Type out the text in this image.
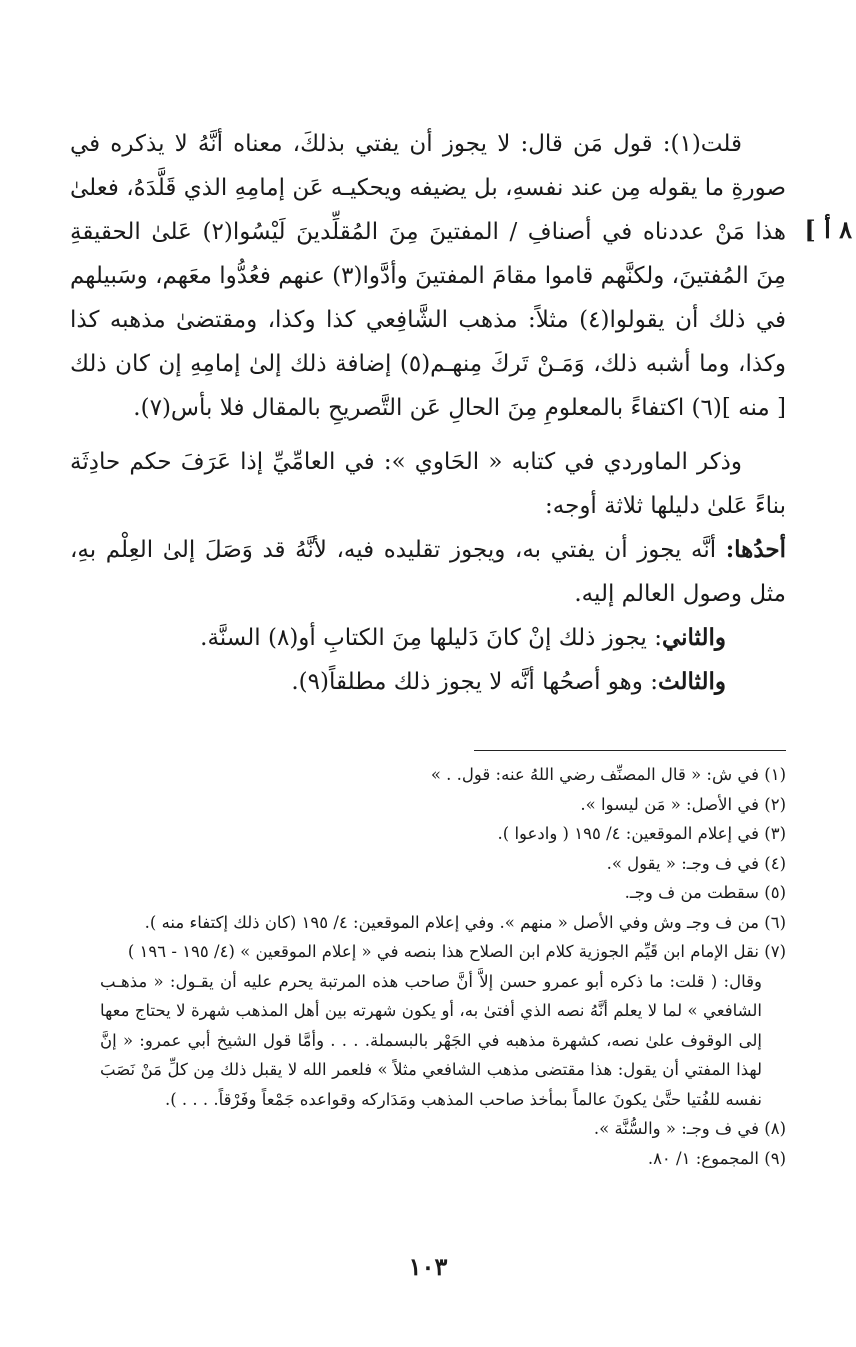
٨ أ ]

قلت(١): قول مَن قال: لا يجوز أن يفتي بذلكَ، معناه أنَّهُ لا يذكره في صورةِ ما يقوله مِن عند نفسهِ، بل يضيفه ويحكيـه عَن إمامِهِ الذي قَلَّدَهُ، فعلىٰ هذا مَنْ عددناه في أصنافِ / المفتينَ مِنَ المُقلِّدينَ لَيْسُوا(٢) عَلىٰ الحقيقةِ مِنَ المُفتينَ، ولكنَّهم قاموا مقامَ المفتينَ وأدَّوا(٣) عنهم فعُدُّوا معَهم، وسَبيلهم في ذلك أن يقولوا(٤) مثلاً: مذهب الشَّافِعي كذا وكذا، ومقتضىٰ مذهبه كذا وكذا، وما أشبه ذلك، وَمَـنْ تَركَ مِنهـم(٥) إضافة ذلك إلىٰ إمامِهِ إن كان ذلك [ منه ](٦) اكتفاءً بالمعلومِ مِنَ الحالِ عَن التَّصريحِ بالمقال فلا بأس(٧).

وذكر الماوردي في كتابه « الحَاوي »: في العامِّيِّ إذا عَرَفَ حكم حادِثَة بناءً عَلىٰ دليلها ثلاثة أوجه:

أحدُها: أنَّه يجوز أن يفتي به، ويجوز تقليده فيه، لأنَّهُ قد وَصَلَ إلىٰ العِلْم بهِ، مثل وصول العالم إليه.

والثاني: يجوز ذلك إنْ كانَ دَليلها مِنَ الكتابِ أو(٨) السنَّة.

والثالث: وهو أصحُها أنَّه لا يجوز ذلك مطلقاً(٩).

(١) في ش: « قال المصنِّف رضي اللهُ عنه: قول. . »

(٢) في الأصل: « مَن ليسوا ».

(٣) في إعلام الموقعين: ٤/ ١٩٥ ( وادعوا ).

(٤) في ف وجـ: « يقول ».

(٥) سقطت من ف وجـ.

(٦) من ف وجـ وش وفي الأصل « منهم ». وفي إعلام الموقعين: ٤/ ١٩٥ (كان ذلك إكتفاء منه ).

(٧) نقل الإمام ابن قَيِّم الجوزية كلام ابن الصلاح هذا بنصه في « إعلام الموقعين » (٤/ ١٩٥ - ١٩٦ )

وقال: ( قلت: ما ذكره أبو عمرو حسن إلاَّ أنَّ صاحب هذه المرتبة يحرم عليه أن يقـول: « مذهـب الشافعي » لما لا يعلم أنَّهُ نصه الذي أفتىٰ به، أو يكون شهرته بين أهل المذهب شهرة لا يحتاج معها إلى الوقوف علىٰ نصه، كشهرة مذهبه في الجَهْر بالبسملة. . . . وأمَّا قول الشيخ أبي عمرو: « إنَّ لهذا المفتي أن يقول: هذا مقتضى مذهب الشافعي مثلاً » فلعمر الله لا يقبل ذلك مِن كلِّ مَنْ نَصَبَ نفسه للفُتيا حتَّىٰ يكونَ عالماً بمأخذ صاحب المذهب ومَدَاركه وقواعده جَمْعاً وفَرْقاً. . . . ).

(٨) في ف وجـ: « والسُّنَّة ».

(٩) المجموع: ١/ ٨٠.

١٠٣
